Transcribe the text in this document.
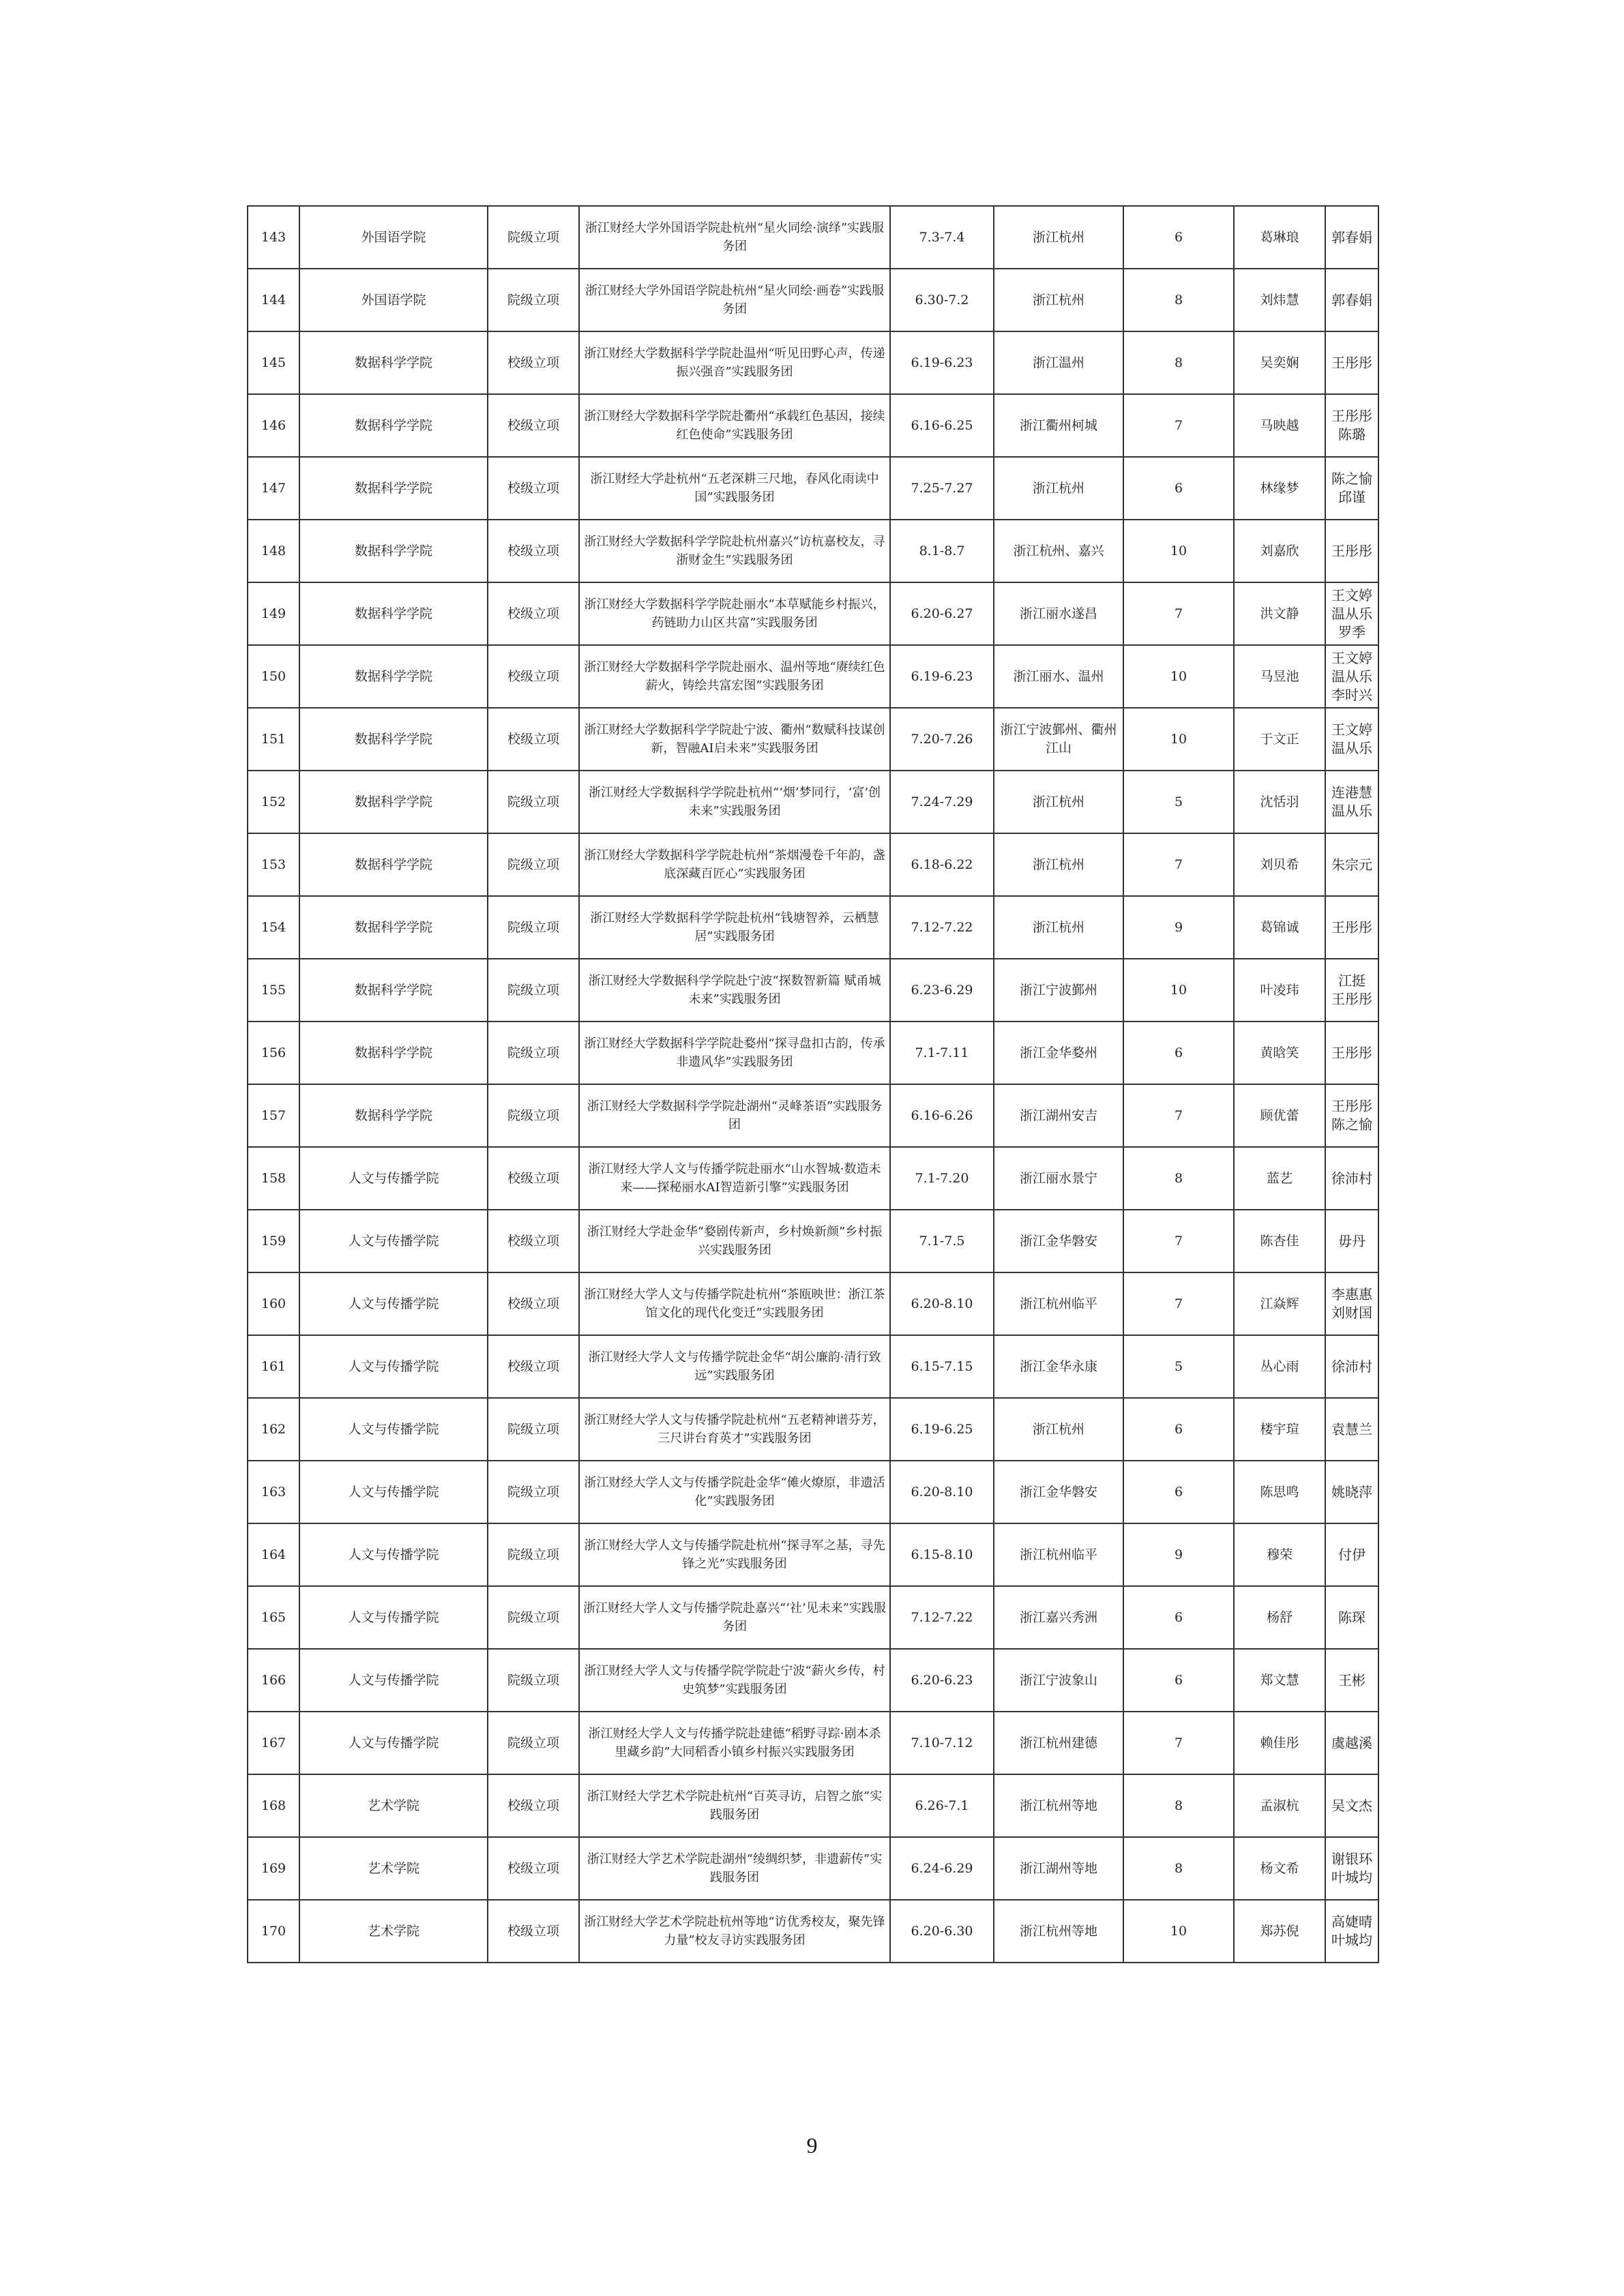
143	外国语学院	院级立项	浙江财经大学外国语学院赴杭州“星火同绘·演绎”实践服务团	7.3-7.4	浙江杭州	6	葛琳琅	郭春娟
144	外国语学院	院级立项	浙江财经大学外国语学院赴杭州“星火同绘·画卷”实践服务团	6.30-7.2	浙江杭州	8	刘炜慧	郭春娟
145	数据科学学院	校级立项	浙江财经大学数据科学学院赴温州“听见田野心声，传递振兴强音”实践服务团	6.19-6.23	浙江温州	8	吴奕娴	王彤彤
146	数据科学学院	校级立项	浙江财经大学数据科学学院赴衢州“承载红色基因，接续红色使命”实践服务团	6.16-6.25	浙江衢州柯城	7	马映越	王彤彤
陈璐

147	数据科学学院	校级立项	浙江财经大学赴杭州“五老深耕三尺地，春风化雨读中国”实践服务团	7.25-7.27	浙江杭州	6	林缘梦	陈之愉
邱谨

148	数据科学学院	校级立项	浙江财经大学数据科学学院赴杭州嘉兴“访杭嘉校友，寻浙财金生”实践服务团	8.1-8.7	浙江杭州、嘉兴	10	刘嘉欣	王彤彤
149	数据科学学院	校级立项	浙江财经大学数据科学学院赴丽水“本草赋能乡村振兴，药链助力山区共富”实践服务团	6.20-6.27	浙江丽水遂昌	7	洪文静	王文婷
温从乐
罗季

150	数据科学学院	校级立项	浙江财经大学数据科学学院赴丽水、温州等地“赓续红色薪火，铸绘共富宏图”实践服务团	6.19-6.23	浙江丽水、温州	10	马昱池	王文婷
温从乐
李时兴

151	数据科学学院	校级立项	浙江财经大学数据科学学院赴宁波、衢州“数赋科技谋创新，智融AI启未来”实践服务团	7.20-7.26	浙江宁波鄞州、衢州江山	10	于文正	王文婷
温从乐

152	数据科学学院	院级立项	浙江财经大学数据科学学院赴杭州“‘烟’梦同行，‘富’创未来”实践服务团	7.24-7.29	浙江杭州	5	沈恬羽	连港慧
温从乐

153	数据科学学院	院级立项	浙江财经大学数据科学学院赴杭州“茶烟漫卷千年韵，盏底深藏百匠心”实践服务团	6.18-6.22	浙江杭州	7	刘贝希	朱宗元
154	数据科学学院	院级立项	浙江财经大学数据科学学院赴杭州“钱塘智养，云栖慧居”实践服务团	7.12-7.22	浙江杭州	9	葛锦诚	王彤彤
155	数据科学学院	院级立项	浙江财经大学数据科学学院赴宁波“探数智新篇 赋甬城未来”实践服务团	6.23-6.29	浙江宁波鄞州	10	叶凌玮	江挺
王彤彤

156	数据科学学院	院级立项	浙江财经大学数据科学学院赴婺州“探寻盘扣古韵，传承非遗风华”实践服务团	7.1-7.11	浙江金华婺州	6	黄晗笑	王彤彤
157	数据科学学院	院级立项	浙江财经大学数据科学学院赴湖州“灵峰茶语”实践服务团	6.16-6.26	浙江湖州安吉	7	顾优蕾	王彤彤
陈之愉

158	人文与传播学院	校级立项	浙江财经大学人文与传播学院赴丽水“山水智城·数造未来——探秘丽水AI智造新引擎”实践服务团	7.1-7.20	浙江丽水景宁	8	蓝艺	徐沛村
159	人文与传播学院	校级立项	浙江财经大学赴金华“婺剧传新声，乡村焕新颜”乡村振兴实践服务团	7.1-7.5	浙江金华磐安	7	陈杏佳	毋丹
160	人文与传播学院	校级立项	浙江财经大学人文与传播学院赴杭州“茶瓯映世：浙江茶馆文化的现代化变迁”实践服务团	6.20-8.10	浙江杭州临平	7	江焱辉	李惠惠
刘财国

161	人文与传播学院	校级立项	浙江财经大学人文与传播学院赴金华“胡公廉韵·清行致远”实践服务团	6.15-7.15	浙江金华永康	5	丛心雨	徐沛村
162	人文与传播学院	院级立项	浙江财经大学人文与传播学院赴杭州“五老精神谱芬芳，三尺讲台育英才”实践服务团	6.19-6.25	浙江杭州	6	楼宇瑄	袁慧兰
163	人文与传播学院	院级立项	浙江财经大学人文与传播学院赴金华“傩火燎原，非遗活化”实践服务团	6.20-8.10	浙江金华磐安	6	陈思鸣	姚晓萍
164	人文与传播学院	院级立项	浙江财经大学人文与传播学院赴杭州“探寻军之基，寻先锋之光”实践服务团	6.15-8.10	浙江杭州临平	9	穆荣	付伊
165	人文与传播学院	院级立项	浙江财经大学人文与传播学院赴嘉兴“‘社’见未来”实践服务团	7.12-7.22	浙江嘉兴秀洲	6	杨舒	陈琛
166	人文与传播学院	院级立项	浙江财经大学人文与传播学院学院赴宁波“薪火乡传，村史筑梦”实践服务团	6.20-6.23	浙江宁波象山	6	郑文慧	王彬
167	人文与传播学院	院级立项	浙江财经大学人文与传播学院赴建德“稻野寻踪·剧本杀里藏乡韵”大同稻香小镇乡村振兴实践服务团	7.10-7.12	浙江杭州建德	7	赖佳彤	虞越溪
168	艺术学院	校级立项	浙江财经大学艺术学院赴杭州“百英寻访，启智之旅”实践服务团	6.26-7.1	浙江杭州等地	8	孟淑杭	吴文杰
169	艺术学院	校级立项	浙江财经大学艺术学院赴湖州“绫绸织梦，非遗薪传”实践服务团	6.24-6.29	浙江湖州等地	8	杨文希	谢银环
叶城均

170	艺术学院	校级立项	浙江财经大学艺术学院赴杭州等地“访优秀校友，聚先锋力量”校友寻访实践服务团	6.20-6.30	浙江杭州等地	10	郑苏倪	高婕晴
叶城均
9
